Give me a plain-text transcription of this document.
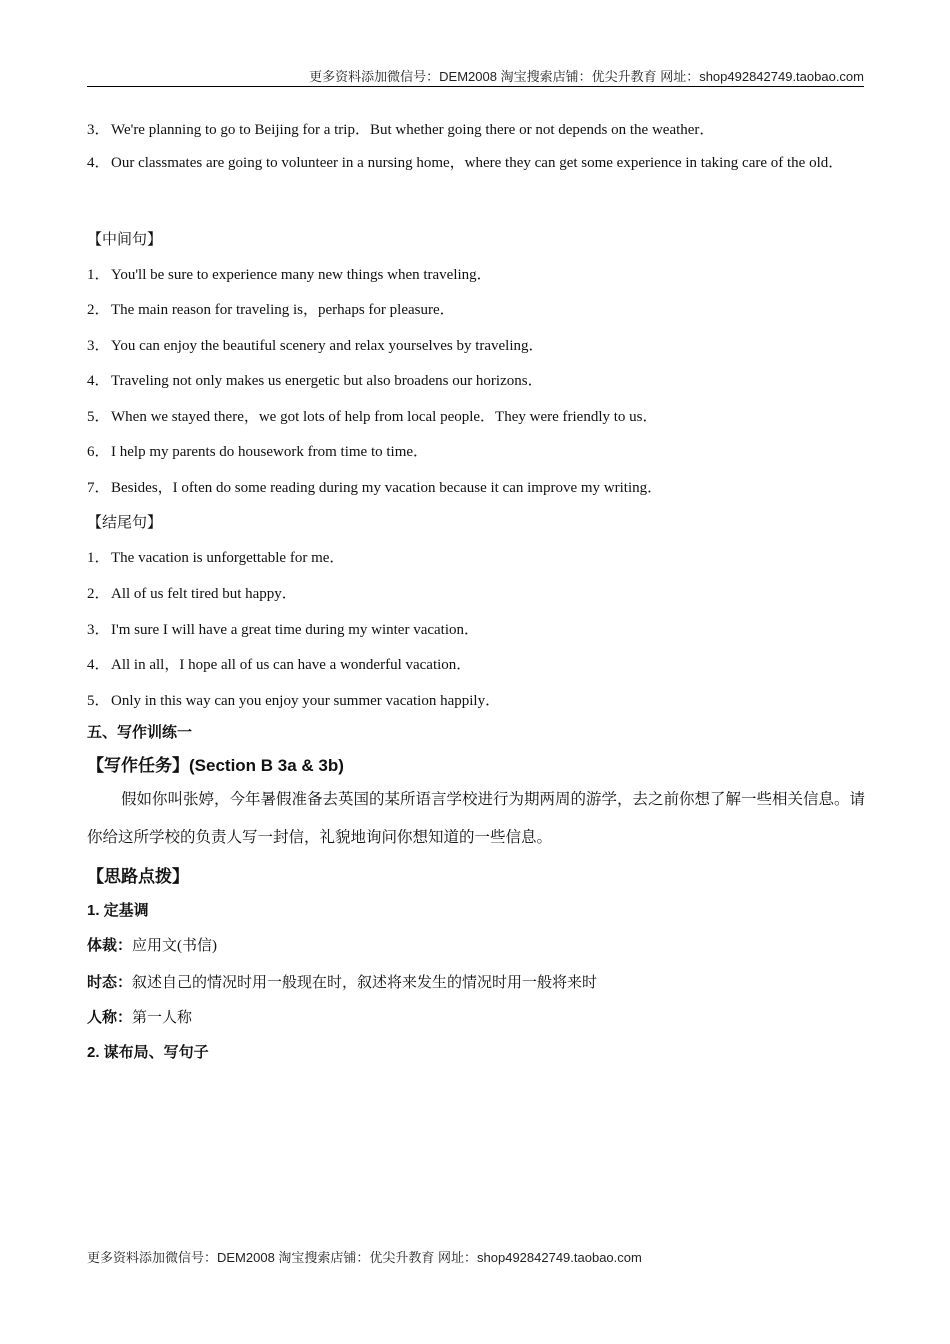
更多资料添加微信号：DEM2008 淘宝搜索店铺：优尖升教育 网址：shop492842749.taobao.com
3．We're planning to go to Beijing for a trip．But whether going there or not depends on the weather．
4．Our classmates are going to volunteer in a nursing home，where they can get some experience in taking care of the old．
【中间句】
1．You'll be sure to experience many new things when traveling．
2．The main reason for traveling is，perhaps for pleasure．
3．You can enjoy the beautiful scenery and relax yourselves by traveling．
4．Traveling not only makes us energetic but also broadens our horizons．
5．When we stayed there，we got lots of help from local people．They were friendly to us．
6．I help my parents do housework from time to time．
7．Besides，I often do some reading during my vacation because it can improve my writing．
【结尾句】
1．The vacation is unforgettable for me．
2．All of us felt tired but happy．
3．I'm sure I will have a great time during my winter vacation．
4．All in all，I hope all of us can have a wonderful vacation．
5．Only in this way can you enjoy your summer vacation happily．
五、写作训练一
【写作任务】(Section B 3a & 3b)
假如你叫张婷，今年暑假准备去英国的某所语言学校进行为期两周的游学，去之前你想了解一些相关信息。请你给这所学校的负责人写一封信，礼貌地询问你想知道的一些信息。
【思路点拨】
1. 定基调
体裁：应用文(书信)
时态：叙述自己的情况时用一般现在时，叙述将来发生的情况时用一般将来时
人称：第一人称
2. 谋布局、写句子
更多资料添加微信号：DEM2008 淘宝搜索店铺：优尖升教育 网址：shop492842749.taobao.com
